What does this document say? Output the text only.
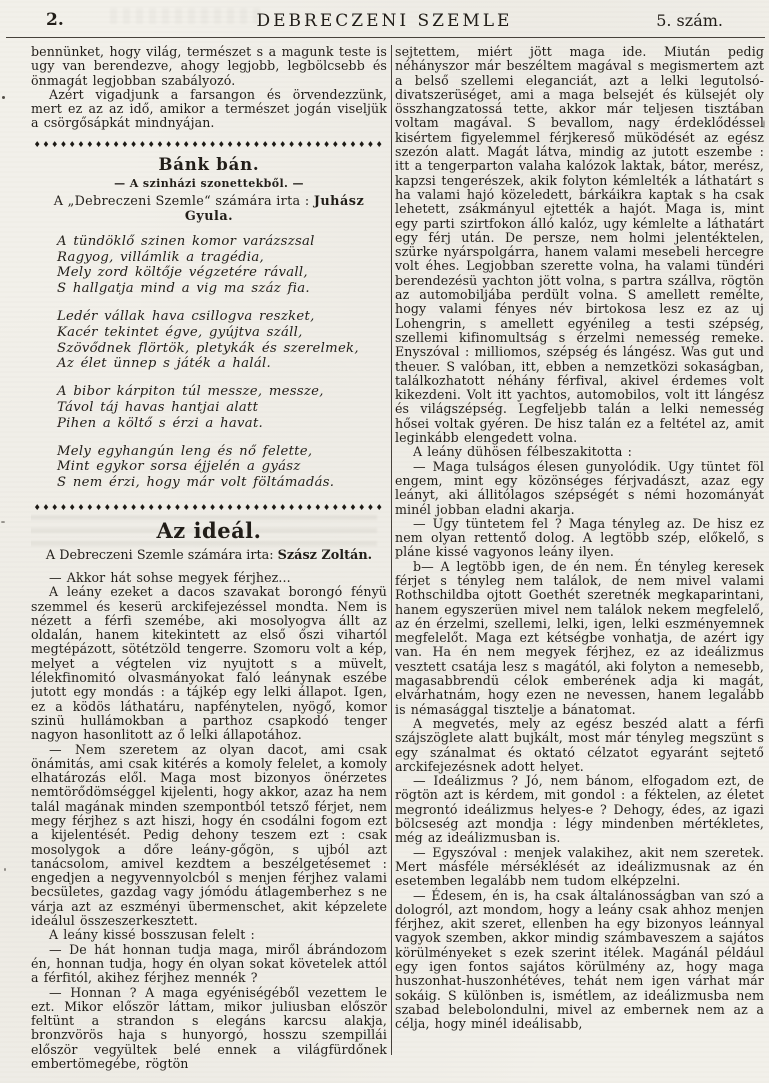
2.	DEBRECZENI SZEMLE	5. szám.

bennünket, hogy világ, természet s a magunk teste is ugy van berendezve, ahogy legjobb, legbölcsebb és önmagát legjobban szabályozó.

Azért vigadjunk a farsangon és örvendezzünk, mert ez az az idő, amikor a természet jogán viseljük a csörgősápkát mindnyájan.

♦♦♦♦♦♦♦♦♦♦♦♦♦♦♦♦♦♦♦♦♦♦♦♦♦♦♦♦♦♦♦♦♦♦♦♦♦♦♦♦
Bánk bán.
— A szinházi szonettekből. —
A „Debreczeni Szemle“ számára irta : Juhász Gyula.
A tündöklő szinen komor varázszsal
Ragyog, villámlik a tragédia,
Mely zord költője végzetére rávall,
S hallgatja mind a vig ma száz fia.
Ledér vállak hava csillogva reszket,
Kacér tekintet égve, gyújtva száll,
Szövődnek flörtök, pletykák és szerelmek,
Az élet ünnep s játék a halál.
A bibor kárpiton túl messze, messze,
Távol táj havas hantjai alatt
Pihen a költő s érzi a havat.
Mely egyhangún leng és nő felette,
Mint egykor sorsa éjjelén a gyász
S nem érzi, hogy már volt föltámadás.
♦♦♦♦♦♦♦♦♦♦♦♦♦♦♦♦♦♦♦♦♦♦♦♦♦♦♦♦♦♦♦♦♦♦♦♦♦♦♦♦
Az ideál.
A Debreczeni Szemle számára irta: Szász Zoltán.

— Akkor hát sohse megyek férjhez...

A leány ezeket a dacos szavakat borongó fényü szemmel és keserü arckifejezéssel mondta. Nem is nézett a férfi szemébe, aki mosolyogva állt az oldalán, hanem kitekintett az első őszi vihartól megtépázott, sötétzöld tengerre. Szomoru volt a kép, melyet a végtelen viz nyujtott s a müvelt, lélekfinomitó olvasmányokat faló leánynak eszébe jutott egy mondás : a tájkép egy lelki állapot. Igen, ez a ködös láthatáru, napfénytelen, nyögő, komor szinü hullámokban a parthoz csapkodó tenger nagyon hasonlitott az ő lelki állapotához.

— Nem szeretem az olyan dacot, ami csak önámitás, ami csak kitérés a komoly felelet, a komoly elhatározás elől. Maga most bizonyos önérzetes nemtörődömséggel kijelenti, hogy akkor, azaz ha nem talál magának minden szempontból tetsző férjet, nem megy férjhez s azt hiszi, hogy én csodálni fogom ezt a kijelentését. Pedig dehony teszem ezt : csak mosolygok a dőre leány-gőgön, s ujból azt tanácsolom, amivel kezdtem a beszélgetésemet : engedjen a negyvennyolcból s menjen férjhez valami becsületes, gazdag vagy jómódu átlagemberhez s ne várja azt az eszményi übermenschet, akit képzelete ideálul összeszerkesztett.

A leány kissé bosszusan felelt :

— De hát honnan tudja maga, miről ábrándozom én, honnan tudja, hogy én olyan sokat követelek attól a férfitól, akihez férjhez mennék ?

— Honnan ? A maga egyéniségéből vezettem le ezt. Mikor először láttam, mikor juliusban először feltünt a strandon s elegáns karcsu alakja, bronzvörös haja s hunyorgó, hosszu szempillái először vegyültek belé ennek a világfürdőnek embertömegébe, rögtön

sejtettem, miért jött maga ide. Miután pedig néhányszor már beszéltem magával s megismertem azt a belső szellemi eleganciát, azt a lelki legutolsó-divatszerüséget, ami a maga belsejét és külsejét oly összhangzatossá tette, akkor már teljesen tisztában voltam magával. S bevallom, nagy érdeklődéssel kisértem figyelemmel férjkereső müködését az egész szezón alatt. Magát látva, mindig az jutott eszembe : itt a tengerparton valaha kalózok laktak, bátor, merész, kapzsi tengerészek, akik folyton kémlelték a láthatárt s ha valami hajó közeledett, bárkáikra kaptak s ha csak lehetett, zsákmányul ejtették a hajót. Maga is, mint egy parti szirtfokon álló kalóz, ugy kémlelte a láthatárt egy férj után. De persze, nem holmi jelentéktelen, szürke nyárspolgárra, hanem valami mesebeli hercegre volt éhes. Legjobban szerette volna, ha valami tündéri berendezésü yachton jött volna, s partra szállva, rögtön az automobiljába perdült volna. S amellett remélte, hogy valami fényes név birtokosa lesz ez az uj Lohengrin, s amellett egyénileg a testi szépség, szellemi kifinomultság s érzelmi nemesség remeke. Enyszóval : milliomos, szépség és lángész. Was gut und theuer. S valóban, itt, ebben a nemzetközi sokaságban, találkozhatott néhány férfival, akivel érdemes volt kikezdeni. Volt itt yachtos, automobilos, volt itt lángész és világszépség. Legfeljebb talán a lelki nemesség hősei voltak gyéren. De hisz talán ez a feltétel az, amit leginkább elengedett volna.

A leány dühösen félbeszakitotta :

— Maga tulságos élesen gunyolódik. Ugy tüntet föl engem, mint egy közönséges férjvadászt, azaz egy leányt, aki állitólagos szépségét s némi hozományát minél jobban eladni akarja.

— Ugy tüntetem fel ? Maga tényleg az. De hisz ez nem olyan rettentő dolog. A legtöbb szép, előkelő, s pláne kissé vagyonos leány ilyen.

b— A legtöbb igen, de én nem. Én tényleg keresek férjet s tényleg nem találok, de nem mivel valami Rothschildba ojtott Goethét szeretnék megkaparintani, hanem egyszerüen mivel nem találok nekem megfelelő, az én érzelmi, szellemi, lelki, igen, lelki eszményemnek megfelelőt. Maga ezt kétségbe vonhatja, de azért igy van. Ha én nem megyek férjhez, ez az ideálizmus vesztett csatája lesz s magától, aki folyton a nemesebb, magasabbrendü célok emberének adja ki magát, elvárhatnám, hogy ezen ne nevessen, hanem legalább is némasággal tisztelje a bánatomat.

A megvetés, mely az egész beszéd alatt a férfi szájszöglete alatt bujkált, most már tényleg megszünt s egy szánalmat és oktató célzatot egyaránt sejtető arckifejezésnek adott helyet.

— Ideálizmus ? Jó, nem bánom, elfogadom ezt, de rögtön azt is kérdem, mit gondol : a féktelen, az életet megrontó ideálizmus helyes-e ? Dehogy, édes, az igazi bölcseség azt mondja : légy mindenben mértékletes, még az ideálizmusban is.

— Egyszóval : menjek valakihez, akit nem szeretek. Mert másféle mérséklését az ideálizmusnak az én esetemben legalább nem tudom elképzelni.

— Édesem, én is, ha csak általánosságban van szó a dologról, azt mondom, hogy a leány csak ahhoz menjen férjhez, akit szeret, ellenben ha egy bizonyos leánnyal vagyok szemben, akkor mindig számbaveszem a sajátos körülményeket s ezek szerint itélek. Magánál például egy igen fontos sajátos körülmény az, hogy maga huszonhat-huszonhétéves, tehát nem igen várhat már sokáig. S különben is, ismétlem, az ideálizmusba nem szabad belebolondulni, mivel az embernek nem az a célja, hogy minél ideálisabb,
